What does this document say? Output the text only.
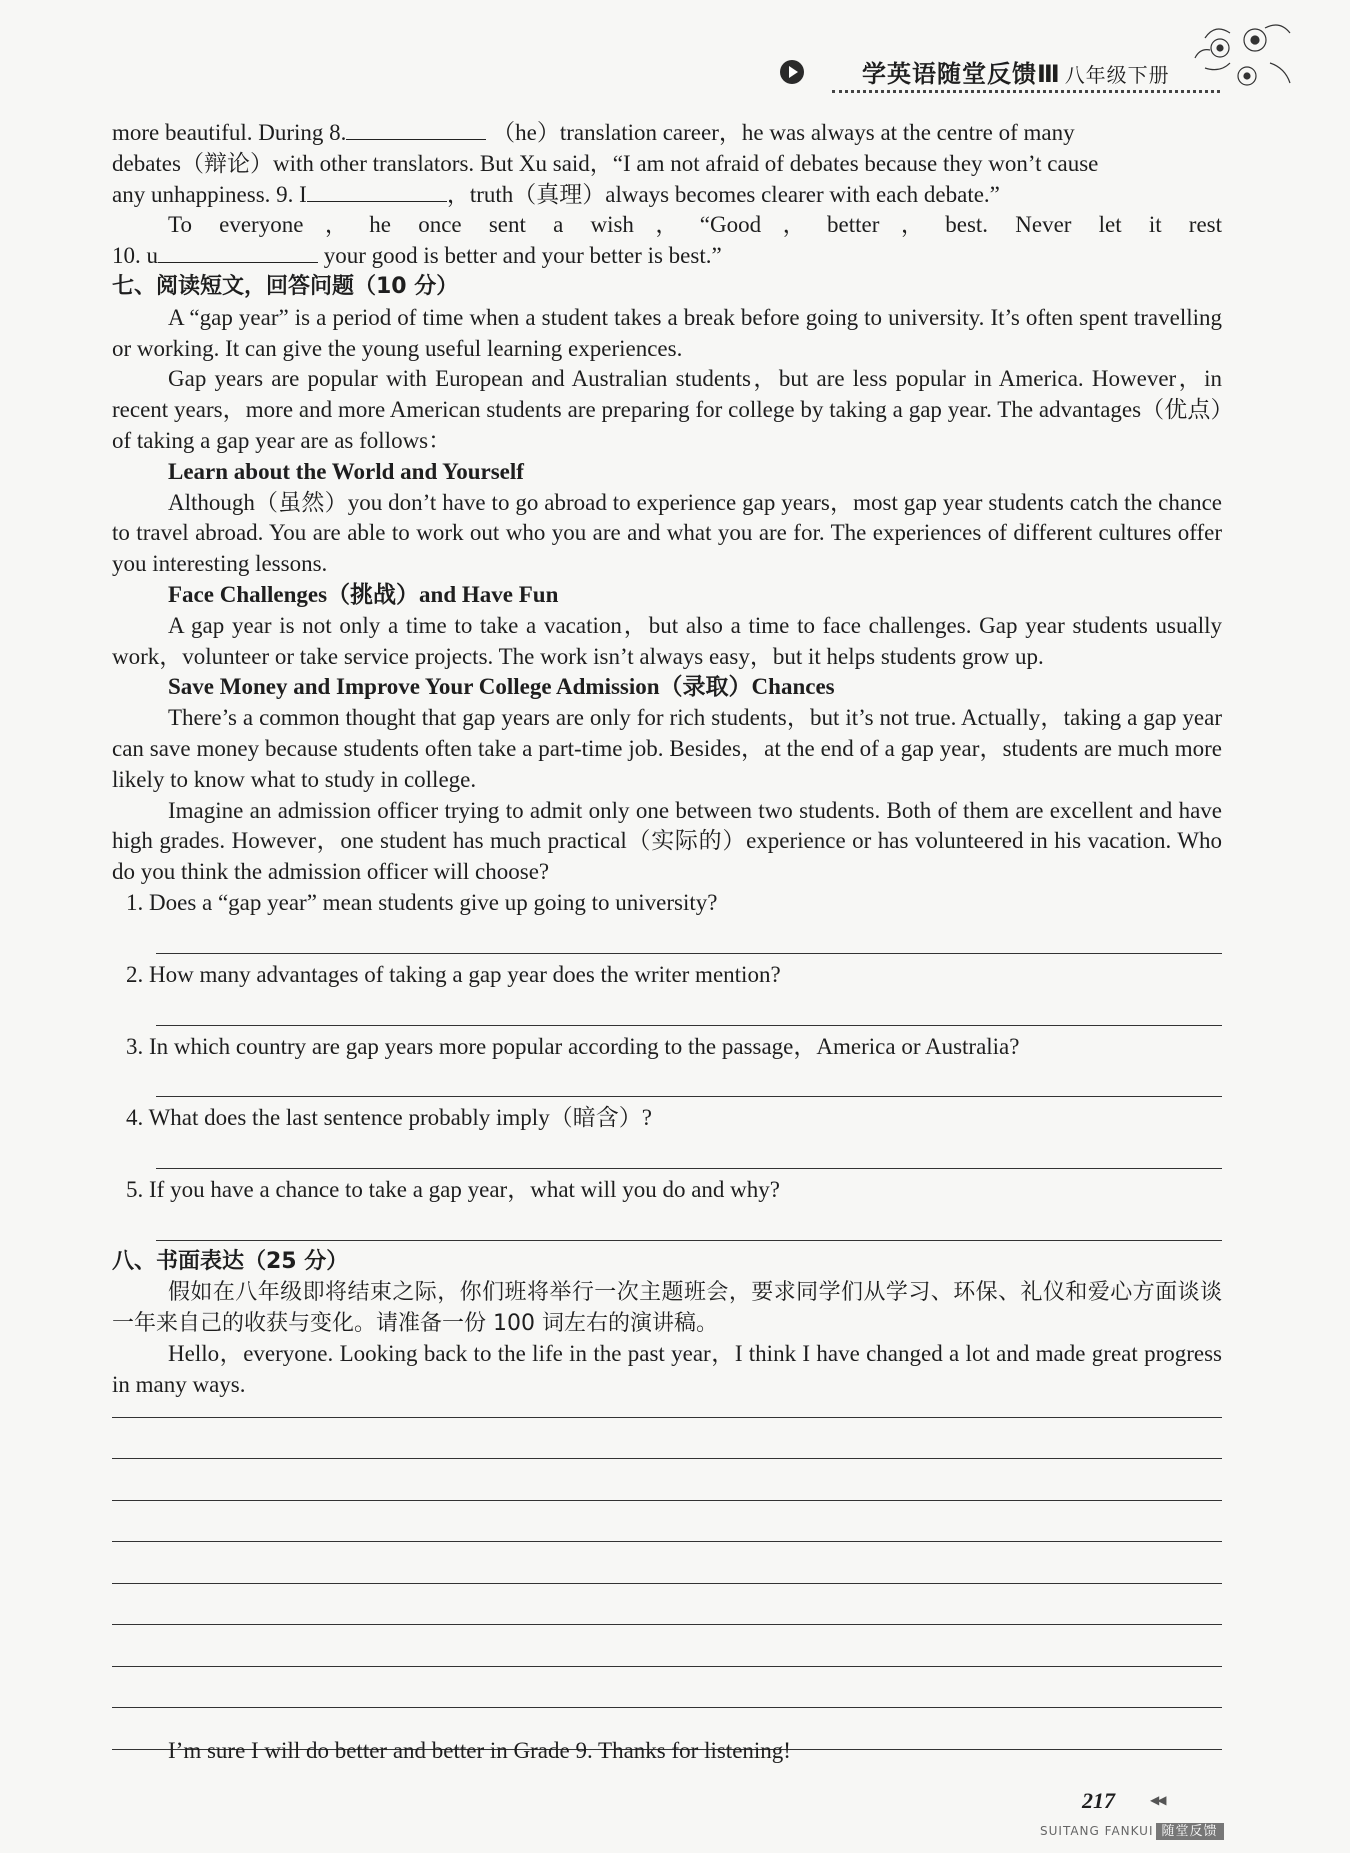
学英语随堂反馈Ⅲ 八年级下册

more beautiful. During 8.	（he）translation career，he was always at the centre of many

debates（辩论）with other translators. But Xu said，“I am not afraid of debates because they won’t cause

any unhappiness. 9. I	，truth（真理）always becomes clearer with each debate.”

To everyone，he once sent a wish，“Good，better，best. Never let it rest

10. u	your good is better and your better is best.”

七、阅读短文，回答问题（10 分）

A “gap year” is a period of time when a student takes a break before going to university. It’s often spent travelling or working. It can give the young useful learning experiences.

Gap years are popular with European and Australian students，but are less popular in America. However，in recent years，more and more American students are preparing for college by taking a gap year. The advantages（优点）of taking a gap year are as follows：

Learn about the World and Yourself

Although（虽然）you don’t have to go abroad to experience gap years，most gap year students catch the chance to travel abroad. You are able to work out who you are and what you are for. The experiences of different cultures offer you interesting lessons.

Face Challenges（挑战）and Have Fun

A gap year is not only a time to take a vacation，but also a time to face challenges. Gap year students usually work，volunteer or take service projects. The work isn’t always easy，but it helps students grow up.

Save Money and Improve Your College Admission（录取）Chances

There’s a common thought that gap years are only for rich students，but it’s not true. Actually，taking a gap year can save money because students often take a part-time job. Besides，at the end of a gap year，students are much more likely to know what to study in college.

Imagine an admission officer trying to admit only one between two students. Both of them are excellent and have high grades. However，one student has much practical（实际的）experience or has volunteered in his vacation. Who do you think the admission officer will choose?

1. Does a “gap year” mean students give up going to university?

2. How many advantages of taking a gap year does the writer mention?

3. In which country are gap years more popular according to the passage，America or Australia?

4. What does the last sentence probably imply（暗含）?

5. If you have a chance to take a gap year，what will you do and why?

八、书面表达（25 分）

假如在八年级即将结束之际，你们班将举行一次主题班会，要求同学们从学习、环保、礼仪和爱心方面谈谈一年来自己的收获与变化。请准备一份 100 词左右的演讲稿。

Hello，everyone. Looking back to the life in the past year，I think I have changed a lot and made great progress in many ways.

I’m sure I will do better and better in Grade 9. Thanks for listening!

217	◀◀
SUITANG FANKUI 随堂反馈
